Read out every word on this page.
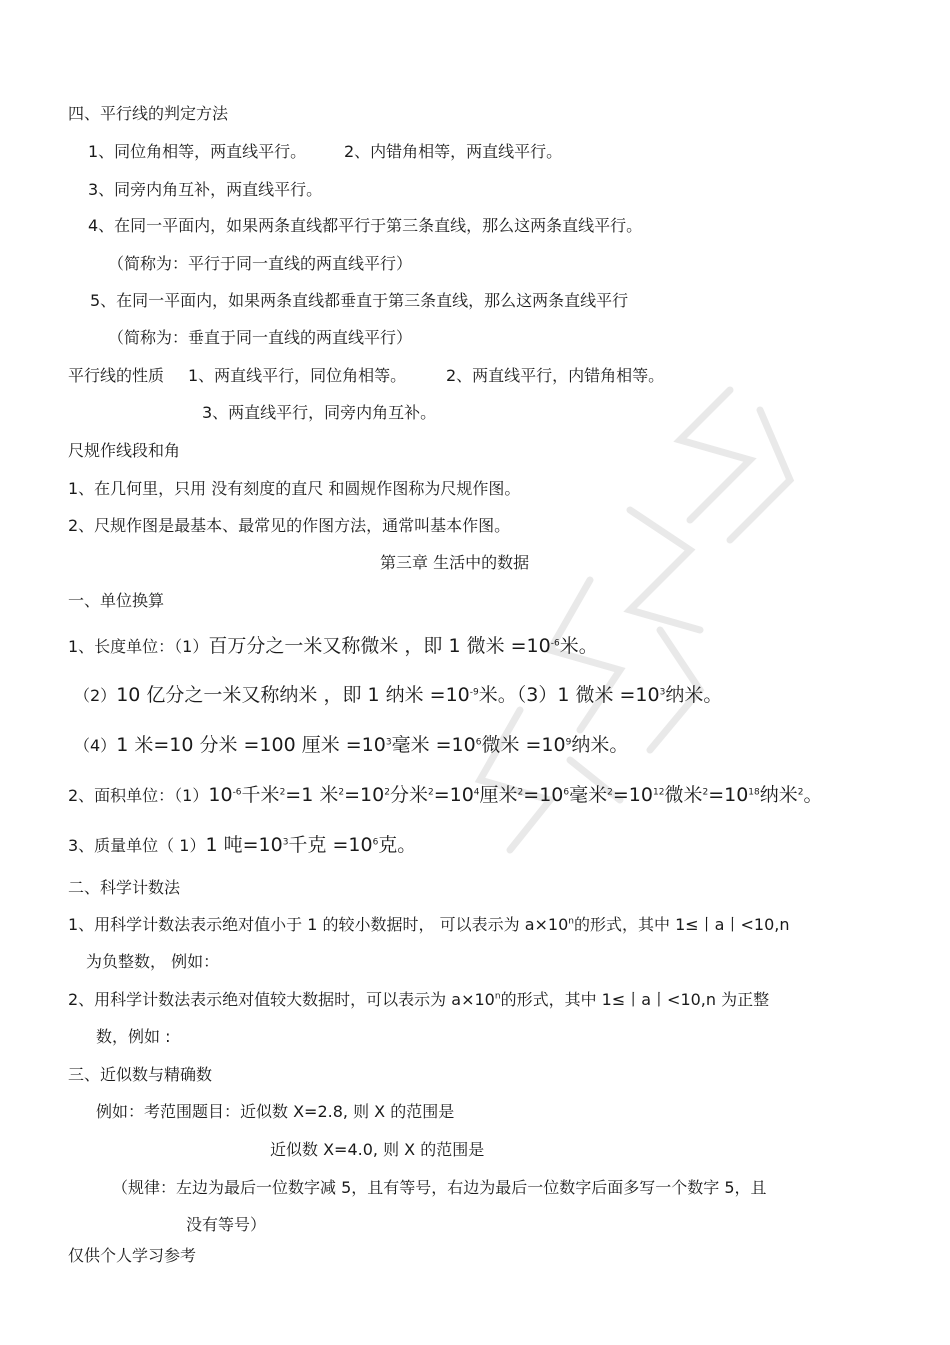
四、平行线的判定方法
1、同位角相等，两直线平行。 2、内错角相等，两直线平行。
3、同旁内角互补，两直线平行。
4、在同一平面内，如果两条直线都平行于第三条直线，那么这两条直线平行。
（简称为：平行于同一直线的两直线平行）
5、在同一平面内，如果两条直线都垂直于第三条直线，那么这两条直线平行
（简称为：垂直于同一直线的两直线平行）
平行线的性质 1、两直线平行，同位角相等。 2、两直线平行，内错角相等。
3、两直线平行，同旁内角互补。
尺规作线段和角
1、在几何里，只用 没有刻度的直尺 和圆规作图称为尺规作图。
2、尺规作图是最基本、最常见的作图方法，通常叫基本作图。
第三章 生活中的数据
一、单位换算
1、长度单位：（1）百万分之一米又称微米 ，即 1 微米 $=10^{-6}$米。
（2）10 亿分之一米又称纳米 ，即 1 纳米 $=10^{-9}$米。（3）1 微米 $=10^3$纳米。
（4）1 米=10 分米 =100 厘米 $=10^3$毫米 $=10^6$微米 $=10^9$纳米。
2、面积单位：$(1)10^{-6}$千米$^2$=1 米$^2=10^2$分米$^2=10^4$厘米$^2=10^6$毫米$^2=10^{12}$微米$^2=10^{18}$纳米$^2$。
3、质量单位（ 1）1 吨$=10^3$千克 $=10^6$克。
二、科学计数法
1、用科学计数法表示绝对值小于 1 的较小数据时， 可以表示为 $a\times 10^n$的形式，其中 1≤丨a丨<10,n
为负整数， 例如：
2、用科学计数法表示绝对值较大数据时，可以表示为 $a\times 10^n$的形式，其中 1≤丨a丨<10,n 为正整
数，例如 :
三、近似数与精确数
例如：考范围题目：近似数 X=2.8, 则 X 的范围是
近似数 X=4.0, 则 X 的范围是
（规律：左边为最后一位数字减 5，且有等号，右边为最后一位数字后面多写一个数字 5，且
没有等号）
仅供个人学习参考
